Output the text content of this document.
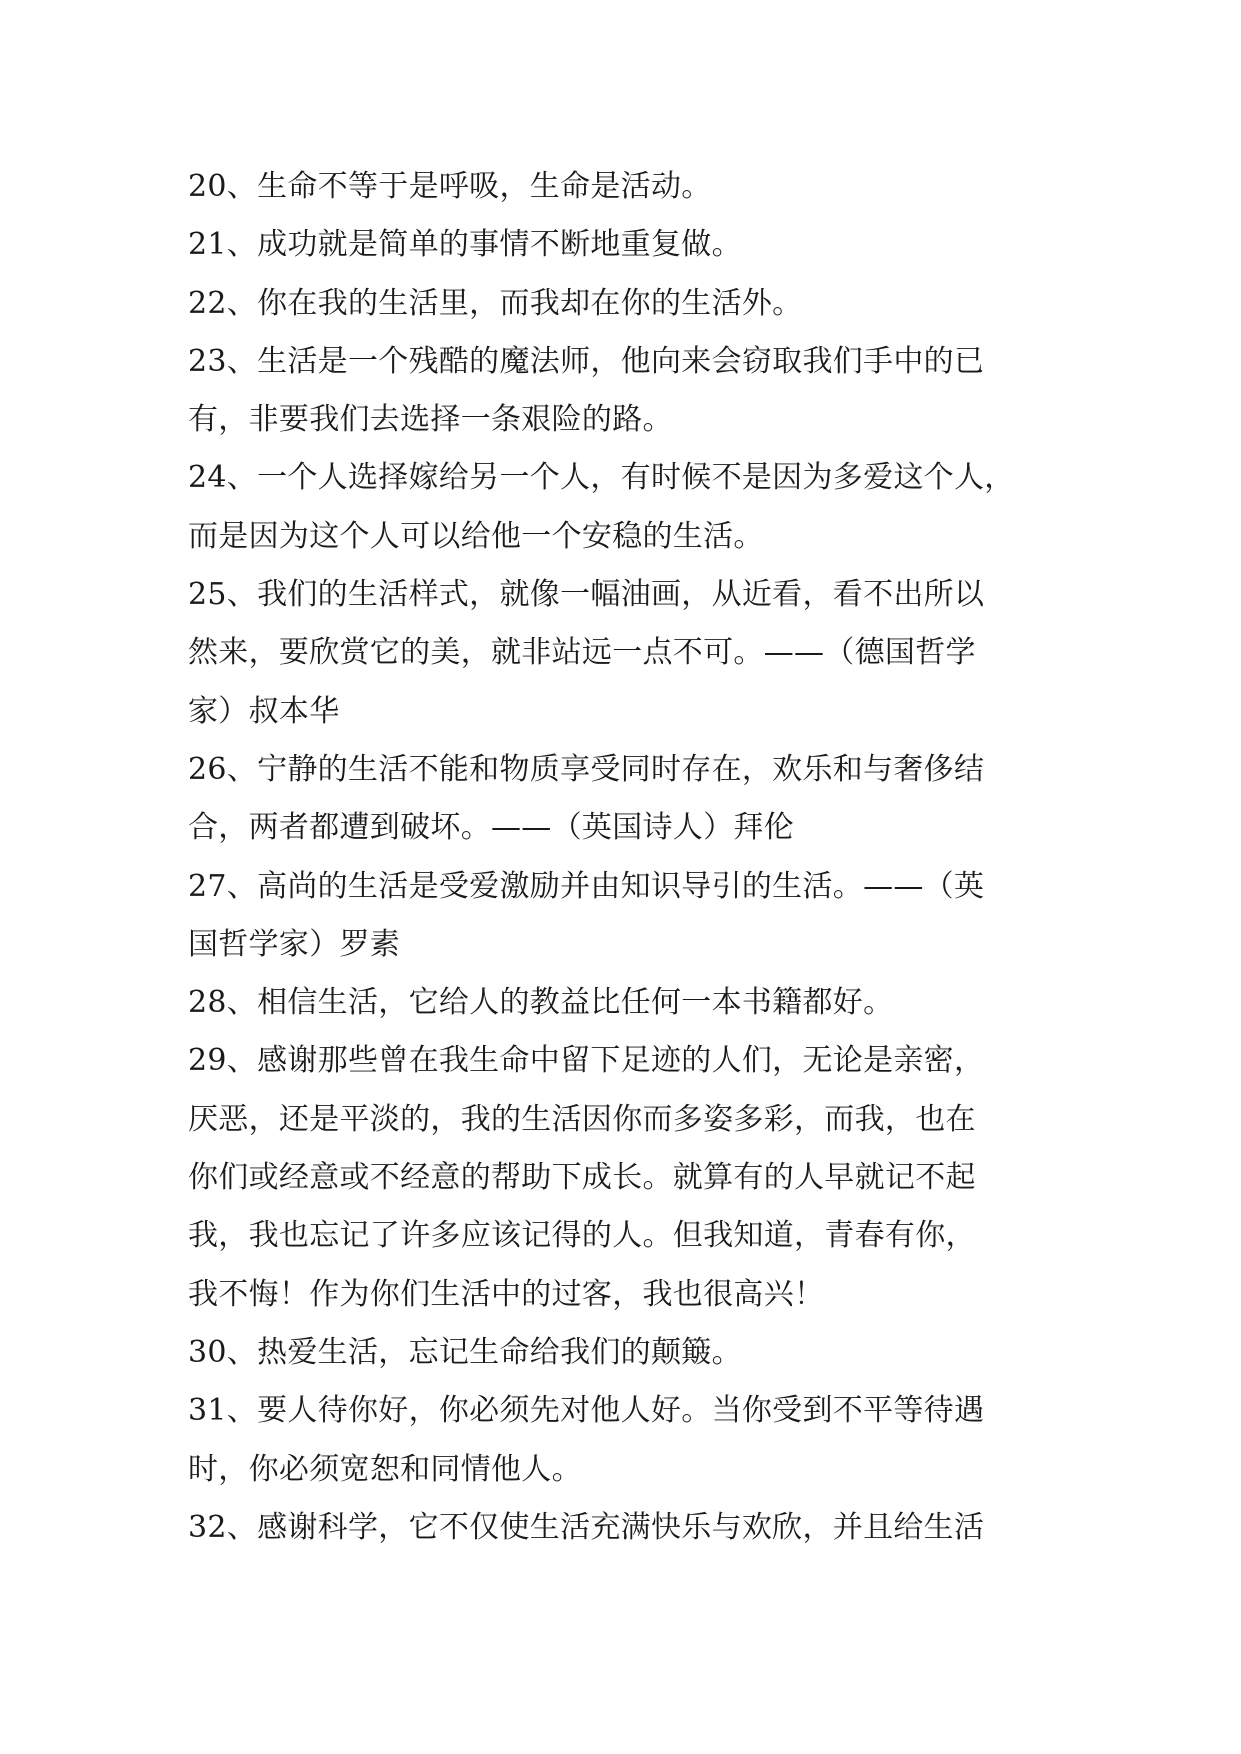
20、生命不等于是呼吸，生命是活动。
21、成功就是简单的事情不断地重复做。
22、你在我的生活里，而我却在你的生活外。
23、生活是一个残酷的魔法师，他向来会窃取我们手中的已
有，非要我们去选择一条艰险的路。
24、一个人选择嫁给另一个人，有时候不是因为多爱这个人，
而是因为这个人可以给他一个安稳的生活。
25、我们的生活样式，就像一幅油画，从近看，看不出所以
然来，要欣赏它的美，就非站远一点不可。——（德国哲学
家）叔本华
26、宁静的生活不能和物质享受同时存在，欢乐和与奢侈结
合，两者都遭到破坏。——（英国诗人）拜伦
27、高尚的生活是受爱激励并由知识导引的生活。——（英
国哲学家）罗素
28、相信生活，它给人的教益比任何一本书籍都好。
29、感谢那些曾在我生命中留下足迹的人们，无论是亲密，
厌恶，还是平淡的，我的生活因你而多姿多彩，而我，也在
你们或经意或不经意的帮助下成长。就算有的人早就记不起
我，我也忘记了许多应该记得的人。但我知道，青春有你，
我不悔！作为你们生活中的过客，我也很高兴！
30、热爱生活，忘记生命给我们的颠簸。
31、要人待你好，你必须先对他人好。当你受到不平等待遇
时，你必须宽恕和同情他人。
32、感谢科学，它不仅使生活充满快乐与欢欣，并且给生活
